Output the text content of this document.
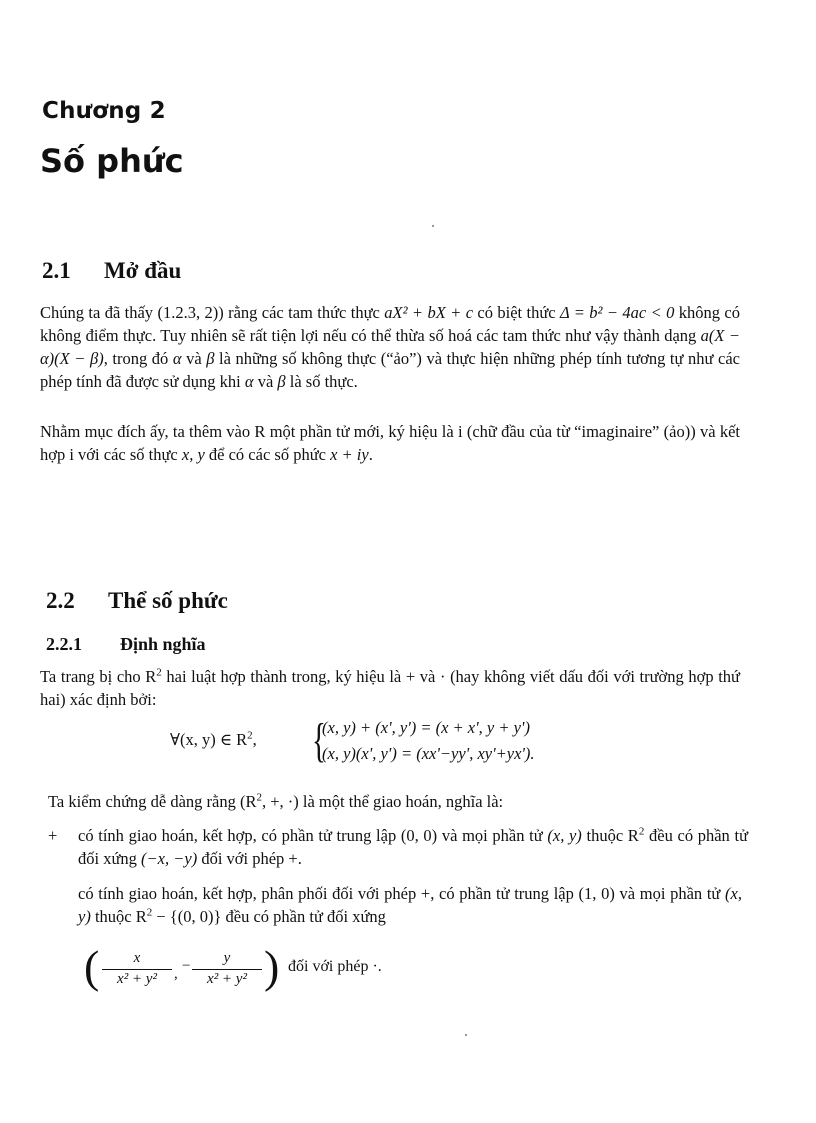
Chương 2
Số phức
2.1 Mở đầu
Chúng ta đã thấy (1.2.3, 2)) rằng các tam thức thực aX² + bX + c có biệt thức Δ = b² − 4ac < 0 không có không điểm thực. Tuy nhiên sẽ rất tiện lợi nếu có thể thừa số hoá các tam thức như vậy thành dạng a(X − α)(X − β), trong đó α và β là những số không thực (“ảo”) và thực hiện những phép tính tương tự như các phép tính đã được sử dụng khi α và β là số thực.
Nhằm mục đích ấy, ta thêm vào R một phần tử mới, ký hiệu là i (chữ đầu của từ “imaginaire” (ảo)) và kết hợp i với các số thực x, y để có các số phức x + iy.
2.2 Thể số phức
2.2.1 Định nghĩa
Ta trang bị cho $R^2$ hai luật hợp thành trong, ký hiệu là + và · (hay không viết dấu đối với trường hợp thứ hai) xác định bởi:
∀(x, y) ∈ $R^2$, {
(x, y) + (x', y') = (x + x', y + y')
(x, y)(x', y') = (xx'−yy', xy'+yx').
Ta kiểm chứng dễ dàng rằng ($R^2$, +, ·) là một thể giao hoán, nghĩa là:
+	có tính giao hoán, kết hợp, có phần tử trung lập (0, 0) và mọi phần tử (x, y) thuộc $R^2$ đều có phần tử đối xứng (−x, −y) đối với phép +.
có tính giao hoán, kết hợp, phân phối đối với phép +, có phần tử trung lập (1, 0) và mọi phần tử (x, y) thuộc $R^2 - \{(0$, 0)} đều có phần tử đối xứng
( $\frac{x}{\text{x² + y²}}$ , − $\frac{y}{\text{x² + y²}}$ ) đối với phép ·.
